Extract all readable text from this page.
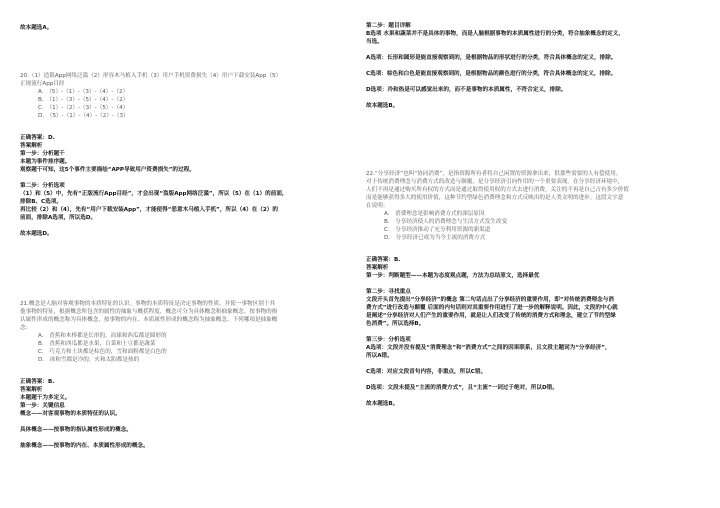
故本题选A。
20.（1）造银App网络泛滥（2）形容木马植入手机（3）用户手机资费损失（4）用户下载安装App（5）
正规流行App目经
A.　（5）-（1）-（3）-（4）-（2）
B.　（1）-（3）-（5）-（4）-（2）
C.　（1）-（2）-（3）-（5）-（4）
D.　（5）-（1）-（4）-（2）-（3）
正确答案：D.
答案解析
第一步：分析题干
本题为事件排序题。
观察题干可知，这5个事件主要描绘“APP导致用户资费损失”的过程。

第二步：分析选项
（1）和（5）中，先有“正版流行App目经”，才会出现“盗版App网络泛滥”，所以（5）在（1）的前面，
排除B、C选项。
再比较（2）和（4），先有“用户下载安装App”，才能使得“恶意木马植入手机”，所以（4）在（2）的
前面，排除A选项，所以选D。

故本题选D。
21.概念是人脑对客观事物的本质特征的认识。事物的本质特征是决定事物的性质、并使一事物区别于其
他事物的特征，根据概念所包含的属性的抽象与概括程度，概念可分为具体概念和抽象概念。按事物的指
认属性形成的概念称为具体概念，按事物的内在、本质属性形成的概念称为抽象概念。下列哪项是抽象概
念：
A.　香蕉和木棒都是长形的，而球和西瓜都是圆形的
B.　香蕉和西瓜都是水果，白菜和土豆都是蔬菜
C.　巧克力和土块都是棕色的，雪和面粉都是白色的
D.　冰和雪都是冷的，火和太阳都是热的
正确答案：B.
答案解析
本题题干为多定义。
第一步：关键信息
概念——对客观事物的本质特征的认识。

具体概念——按事物的指认属性形成的概念。

抽象概念——按事物的内在、本质属性形成的概念。
第二步：题目详解
B选项 水果和蔬菜并不是具体的事物，而是人脑根据事物的本质属性进行的分类，符合抽象概念的定义，
当选。

A选项：长形和圆形是能直接观察到的，是根据物品的形状进行的分类，符合具体概念的定义，排除。

C选项：棕色和白色是能直接观察到的，是根据物品的颜色进行的分类，符合具体概念的定义，排除。

D选项：冷和热是可以感觉出来的，而不是事物的本质属性，不符合定义，排除。

故本题选B。
22.“分享经济”也叫“协同消费”，是指资源所有者将自己闲置的资源拿出来，供那些需要的人有偿使用。
对于传统消费理念与消费方式的改造与颠覆，是分享经济引向作用的一个重要表现。在分享经济环境中，
人们不再是通过购买所有权的方式而是通过取得使用权的方式去进行消费，关注的不再是自己占有多少价值
而是能够获得多大的使用价值，这种节约型绿色消费理念和方式反映出的是人类文明的进步。这段文字意
在说明：
A.　消费理念是影响消费方式的深层原因
B.　分享经济使人的消费理念与生活方式发生改变
C.　分享经济推动了充分利用资源的新渠道
D.　分享经济已成为当今主流的消费方式
正确答案：B.
答案解析
第一步：判断题型——本题为态度观点题，方法为总结原文，选择最优

第二步：寻找重点
文段开头首先提出“分享经济”的概念 第二句话点出了分享经济的重要作用，即“对传统消费理念与消
费方式”进行改造与颠覆 后面的内句话则对其重要作用进行了进一步的解释说明。因此，文段的中心就
是阐述“分享经济对人们产生的重要作用，就是让人们改变了传统的消费方式和理念，建立了节约型绿
色消费”。所以选择B。

第三步：分析选项
A选项：文段并没有提及“消费理念”和“消费方式”之间的因果联系，且文段主题词为“分享经济”，
所以A错。

C选项：对应文段首句内容，非重点，所以C错。

D选项：文段未提及“主流的消费方式”，且“主流”一词过于绝对，所以D错。

故本题选B。
